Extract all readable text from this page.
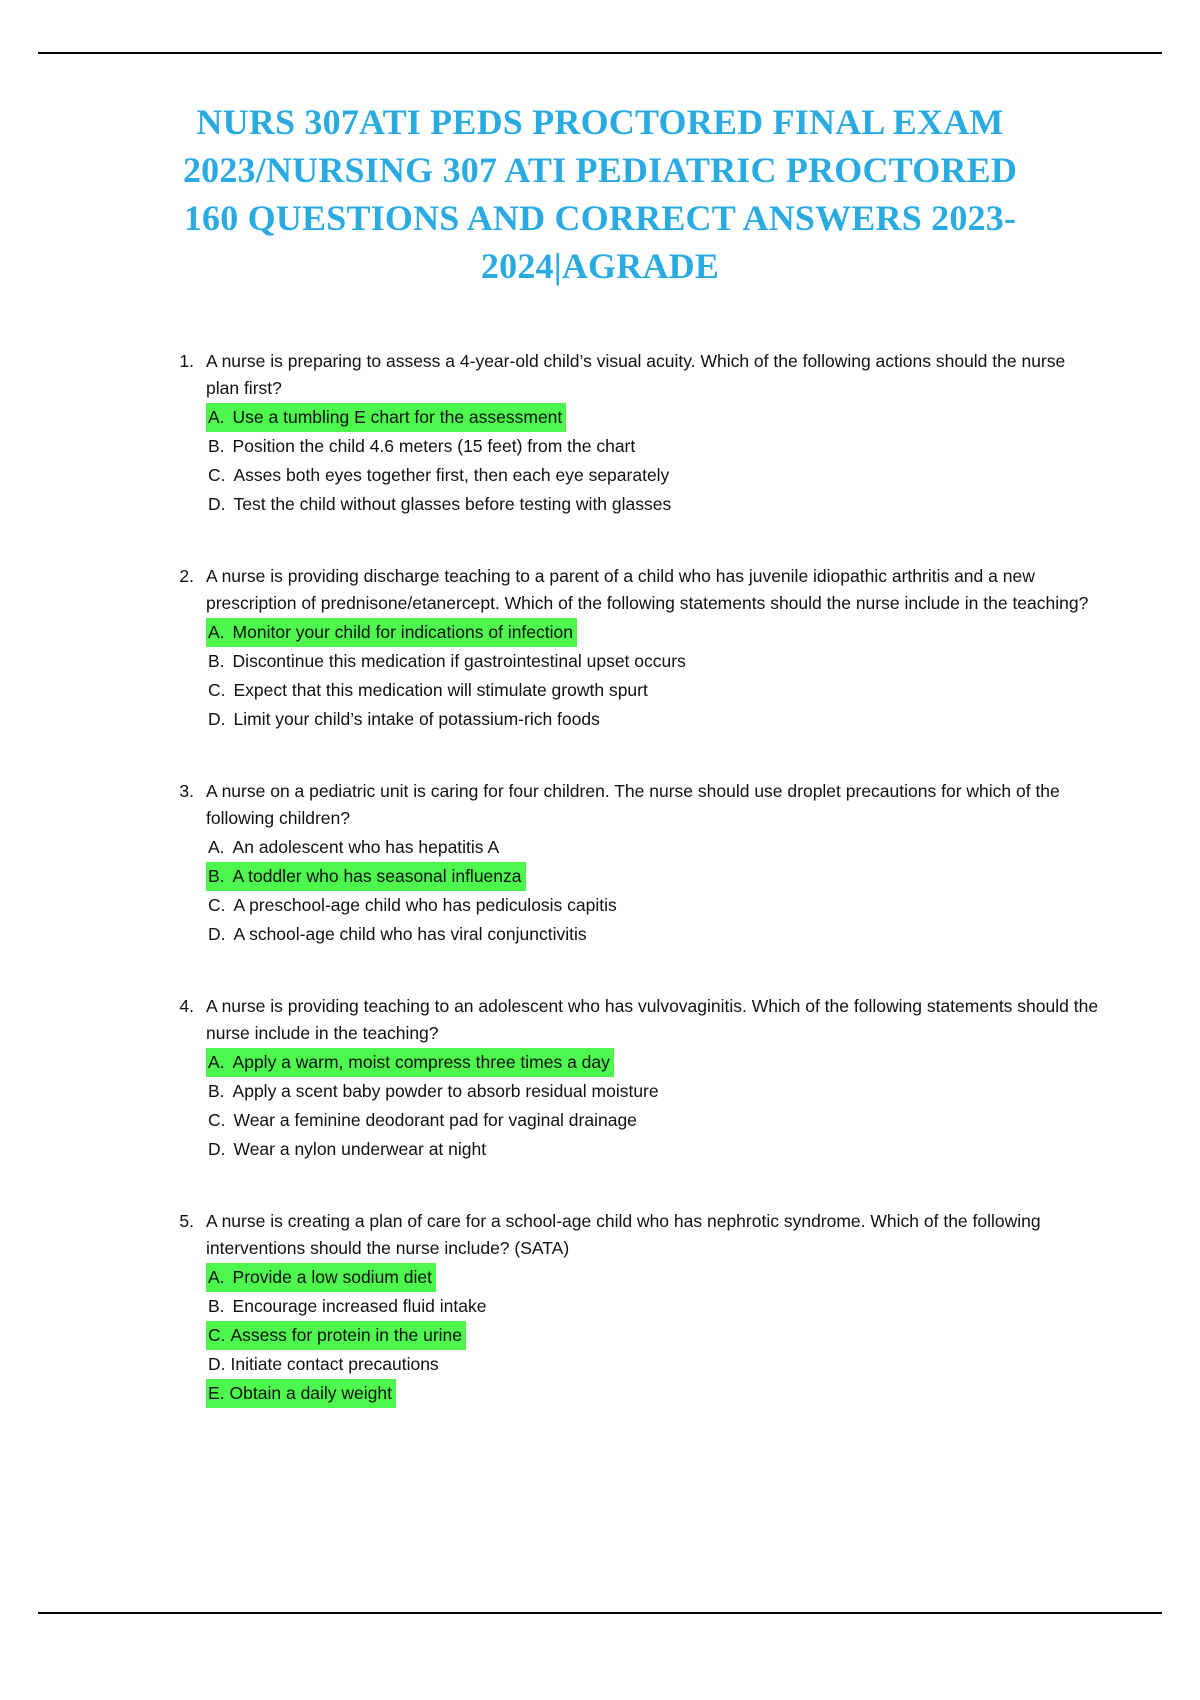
NURS 307ATI PEDS PROCTORED FINAL EXAM 2023/NURSING 307 ATI PEDIATRIC PROCTORED 160 QUESTIONS AND CORRECT ANSWERS 2023-2024|AGRADE
1. A nurse is preparing to assess a 4-year-old child’s visual acuity. Which of the following actions should the nurse plan first?
A. Use a tumbling E chart for the assessment
B. Position the child 4.6 meters (15 feet) from the chart
C. Asses both eyes together first, then each eye separately
D. Test the child without glasses before testing with glasses
2. A nurse is providing discharge teaching to a parent of a child who has juvenile idiopathic arthritis and a new prescription of prednisone/etanercept. Which of the following statements should the nurse include in the teaching?
A. Monitor your child for indications of infection
B. Discontinue this medication if gastrointestinal upset occurs
C. Expect that this medication will stimulate growth spurt
D. Limit your child’s intake of potassium-rich foods
3. A nurse on a pediatric unit is caring for four children. The nurse should use droplet precautions for which of the following children?
A. An adolescent who has hepatitis A
B. A toddler who has seasonal influenza
C. A preschool-age child who has pediculosis capitis
D. A school-age child who has viral conjunctivitis
4. A nurse is providing teaching to an adolescent who has vulvovaginitis. Which of the following statements should the nurse include in the teaching?
A. Apply a warm, moist compress three times a day
B. Apply a scent baby powder to absorb residual moisture
C. Wear a feminine deodorant pad for vaginal drainage
D. Wear a nylon underwear at night
5. A nurse is creating a plan of care for a school-age child who has nephrotic syndrome. Which of the following interventions should the nurse include? (SATA)
A. Provide a low sodium diet
B. Encourage increased fluid intake
C. Assess for protein in the urine
D. Initiate contact precautions
E. Obtain a daily weight
